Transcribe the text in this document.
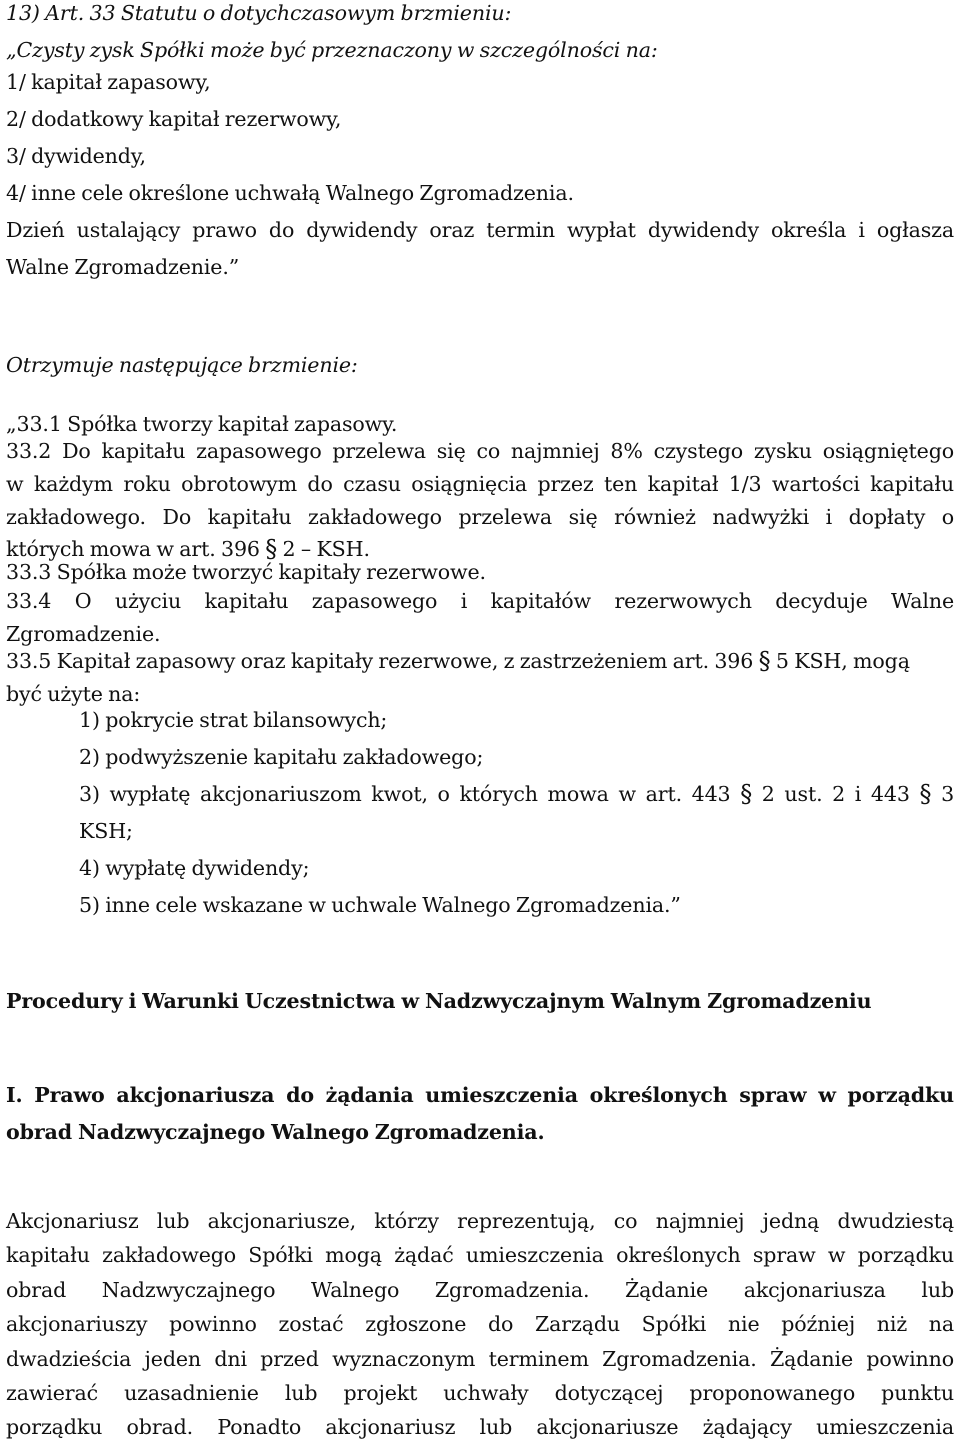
13) Art. 33 Statutu o dotychczasowym brzmieniu:
„Czysty zysk Spółki może być przeznaczony w szczególności na:
1/ kapitał zapasowy,
2/ dodatkowy kapitał rezerwowy,
3/ dywidendy,
4/ inne cele określone uchwałą Walnego Zgromadzenia.
Dzień ustalający prawo do dywidendy oraz termin wypłat dywidendy określa i ogłasza
Walne Zgromadzenie.”
Otrzymuje następujące brzmienie:
„33.1 Spółka tworzy kapitał zapasowy.
33.2 Do kapitału zapasowego przelewa się co najmniej 8% czystego zysku osiągniętego
w każdym roku obrotowym do czasu osiągnięcia przez ten kapitał 1/3 wartości kapitału
zakładowego. Do kapitału zakładowego przelewa się również nadwyżki i dopłaty o
których mowa w art. 396 § 2 – KSH.
33.3 Spółka może tworzyć kapitały rezerwowe.
33.4 O użyciu kapitału zapasowego i kapitałów rezerwowych decyduje Walne
Zgromadzenie.
33.5 Kapitał zapasowy oraz kapitały rezerwowe, z zastrzeżeniem art. 396 § 5 KSH, mogą
być użyte na:
1) pokrycie strat bilansowych;
2) podwyższenie kapitału zakładowego;
3) wypłatę akcjonariuszom kwot, o których mowa w art. 443 § 2 ust. 2 i 443 § 3
KSH;
4) wypłatę dywidendy;
5) inne cele wskazane w uchwale Walnego Zgromadzenia.”
Procedury i Warunki Uczestnictwa w Nadzwyczajnym Walnym Zgromadzeniu
I. Prawo akcjonariusza do żądania umieszczenia określonych spraw w porządku
obrad Nadzwyczajnego Walnego Zgromadzenia.
Akcjonariusz lub akcjonariusze, którzy reprezentują, co najmniej jedną dwudziestą
kapitału zakładowego Spółki mogą żądać umieszczenia określonych spraw w porządku
obrad Nadzwyczajnego Walnego Zgromadzenia. Żądanie akcjonariusza lub
akcjonariuszy powinno zostać zgłoszone do Zarządu Spółki nie później niż na
dwadzieścia jeden dni przed wyznaczonym terminem Zgromadzenia. Żądanie powinno
zawierać uzasadnienie lub projekt uchwały dotyczącej proponowanego punktu
porządku obrad. Ponadto akcjonariusz lub akcjonariusze żądający umieszczenia
